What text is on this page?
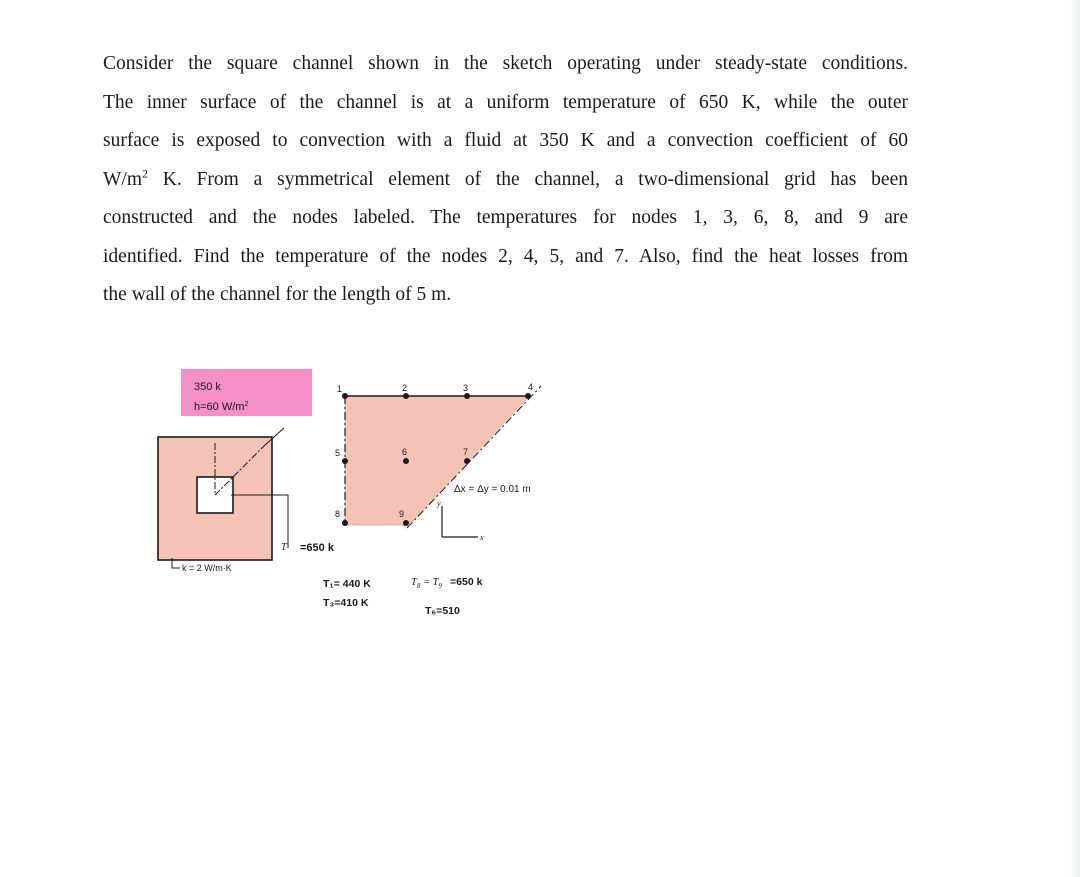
Consider the square channel shown in the sketch operating under steady-state conditions.
The inner surface of the channel is at a uniform temperature of 650 K, while the outer
surface is exposed to convection with a fluid at 350 K and a convection coefficient of 60
$W/m^2$ K. From a symmetrical element of the channel, a two-dimensional grid has been
constructed and the nodes labeled. The temperatures for nodes 1, 3, 6, 8, and 9 are
identified. Find the temperature of the nodes 2, 4, 5, and 7. Also, find the heat losses from
the wall of the channel for the length of 5 m.
350 k
h=60 $W/m^2$
k = 2 W/m·K
T =650 k
1	2	3	4
5	6	7
8	9
Δx = Δy = 0.01 m
y
x
T₁= 440 K
T₃=410 K
$T_8 = T_9 =650$ k
T₆=510
